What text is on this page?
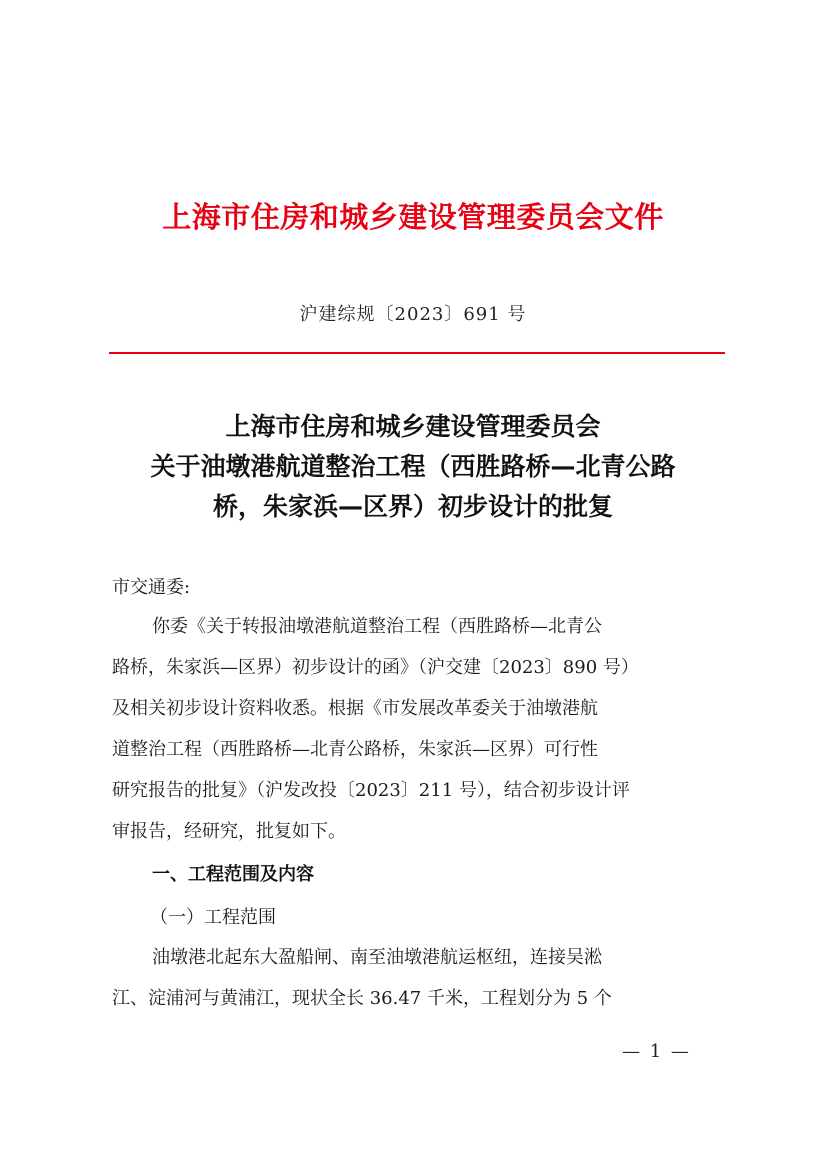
上海市住房和城乡建设管理委员会文件
沪建综规〔2023〕691 号
上海市住房和城乡建设管理委员会
关于油墩港航道整治工程（西胜路桥—北青公路
桥，朱家浜—区界）初步设计的批复
市交通委:
你委《关于转报油墩港航道整治工程（西胜路桥—北青公
路桥，朱家浜—区界）初步设计的函》（沪交建〔2023〕890 号）
及相关初步设计资料收悉。根据《市发展改革委关于油墩港航
道整治工程（西胜路桥—北青公路桥，朱家浜—区界）可行性
研究报告的批复》（沪发改投〔2023〕211 号），结合初步设计评
审报告，经研究，批复如下。
一、工程范围及内容
（一）工程范围
油墩港北起东大盈船闸、南至油墩港航运枢纽，连接吴淞
江、淀浦河与黄浦江，现状全长 36.47 千米，工程划分为 5 个
— 1 —
